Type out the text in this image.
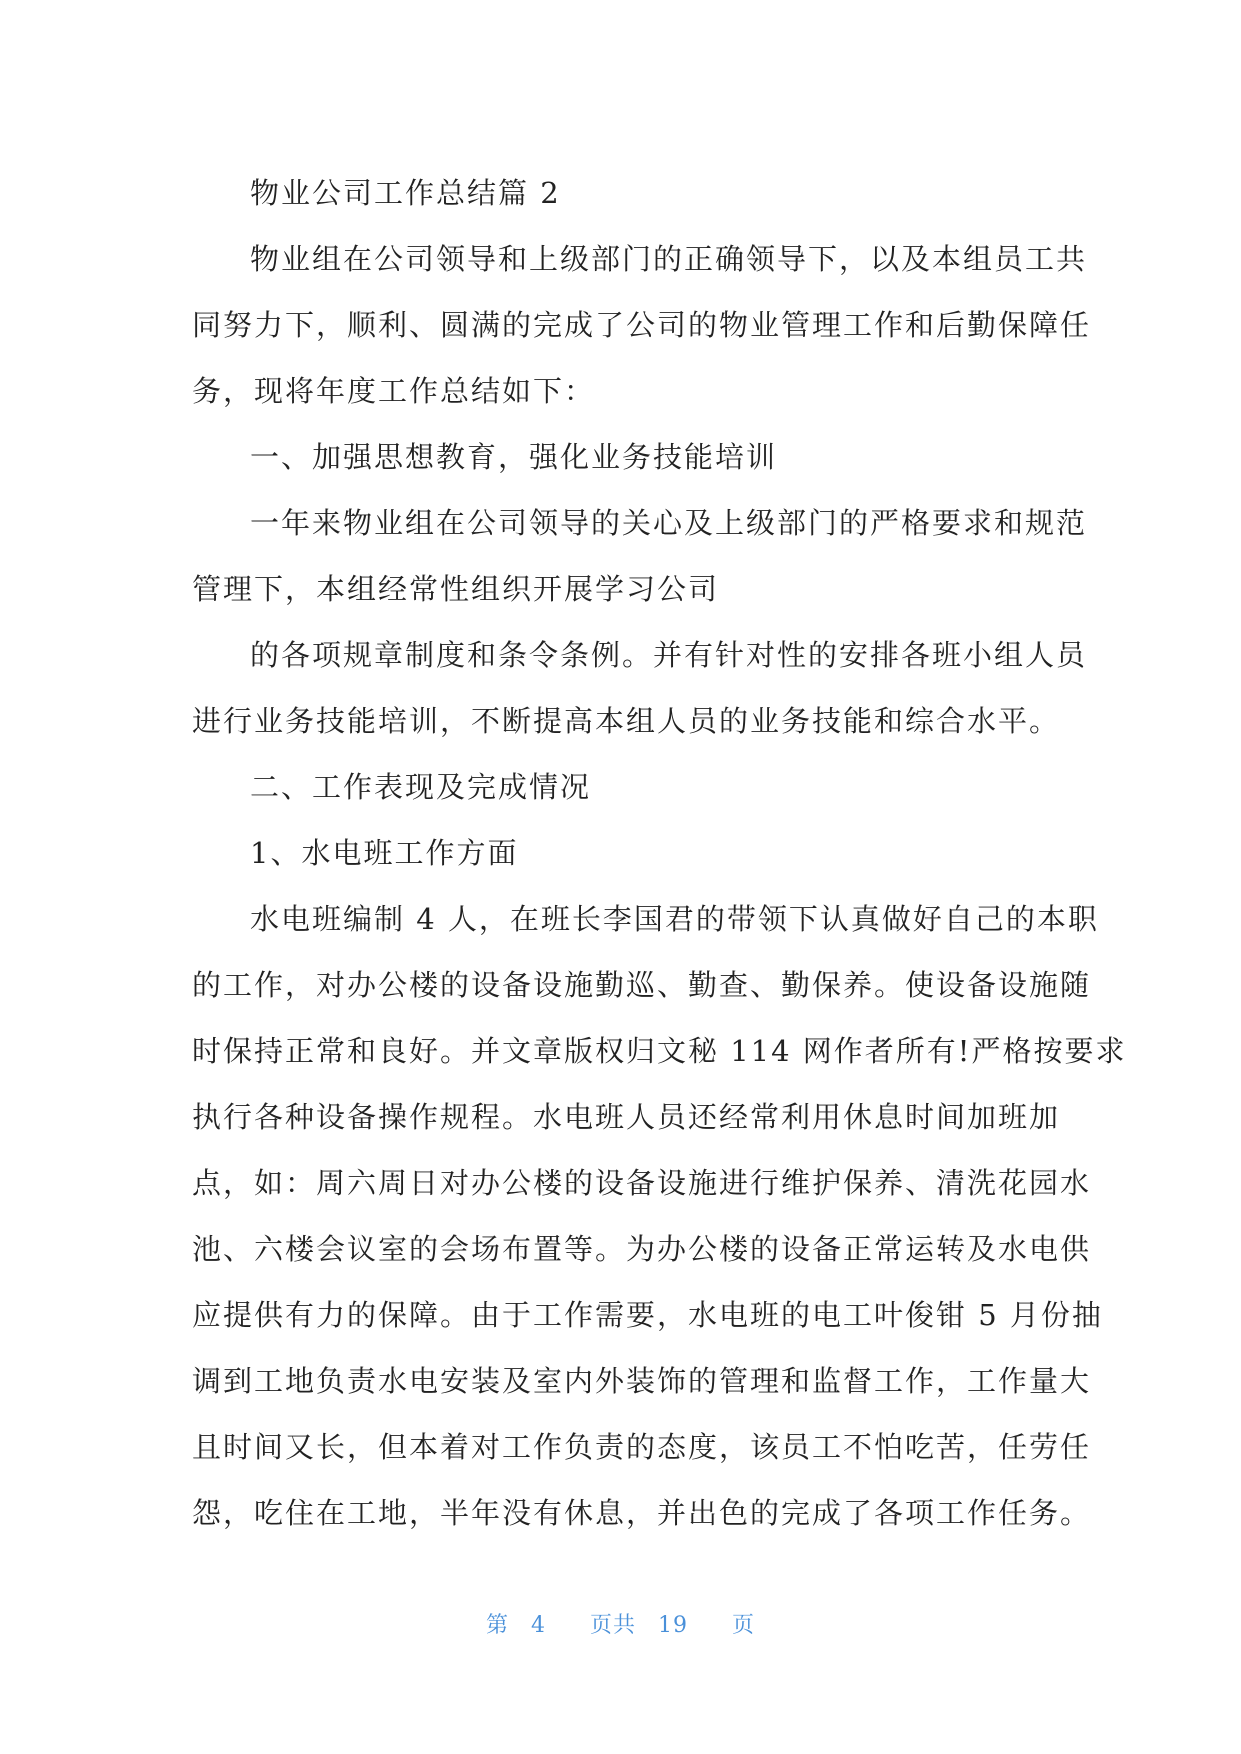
物业公司工作总结篇 2
物业组在公司领导和上级部门的正确领导下，以及本组员工共
同努力下，顺利、圆满的完成了公司的物业管理工作和后勤保障任
务，现将年度工作总结如下：
一、加强思想教育，强化业务技能培训
一年来物业组在公司领导的关心及上级部门的严格要求和规范
管理下，本组经常性组织开展学习公司
的各项规章制度和条令条例。并有针对性的安排各班小组人员
进行业务技能培训，不断提高本组人员的业务技能和综合水平。
二、工作表现及完成情况
1、水电班工作方面
水电班编制 4 人，在班长李国君的带领下认真做好自己的本职
的工作，对办公楼的设备设施勤巡、勤查、勤保养。使设备设施随
时保持正常和良好。并文章版权归文秘 114 网作者所有!严格按要求
执行各种设备操作规程。水电班人员还经常利用休息时间加班加
点，如：周六周日对办公楼的设备设施进行维护保养、清洗花园水
池、六楼会议室的会场布置等。为办公楼的设备正常运转及水电供
应提供有力的保障。由于工作需要，水电班的电工叶俊钳 5 月份抽
调到工地负责水电安装及室内外装饰的管理和监督工作，工作量大
且时间又长，但本着对工作负责的态度，该员工不怕吃苦，任劳任
怨，吃住在工地，半年没有休息，并出色的完成了各项工作任务。
第 4 页共 19 页
